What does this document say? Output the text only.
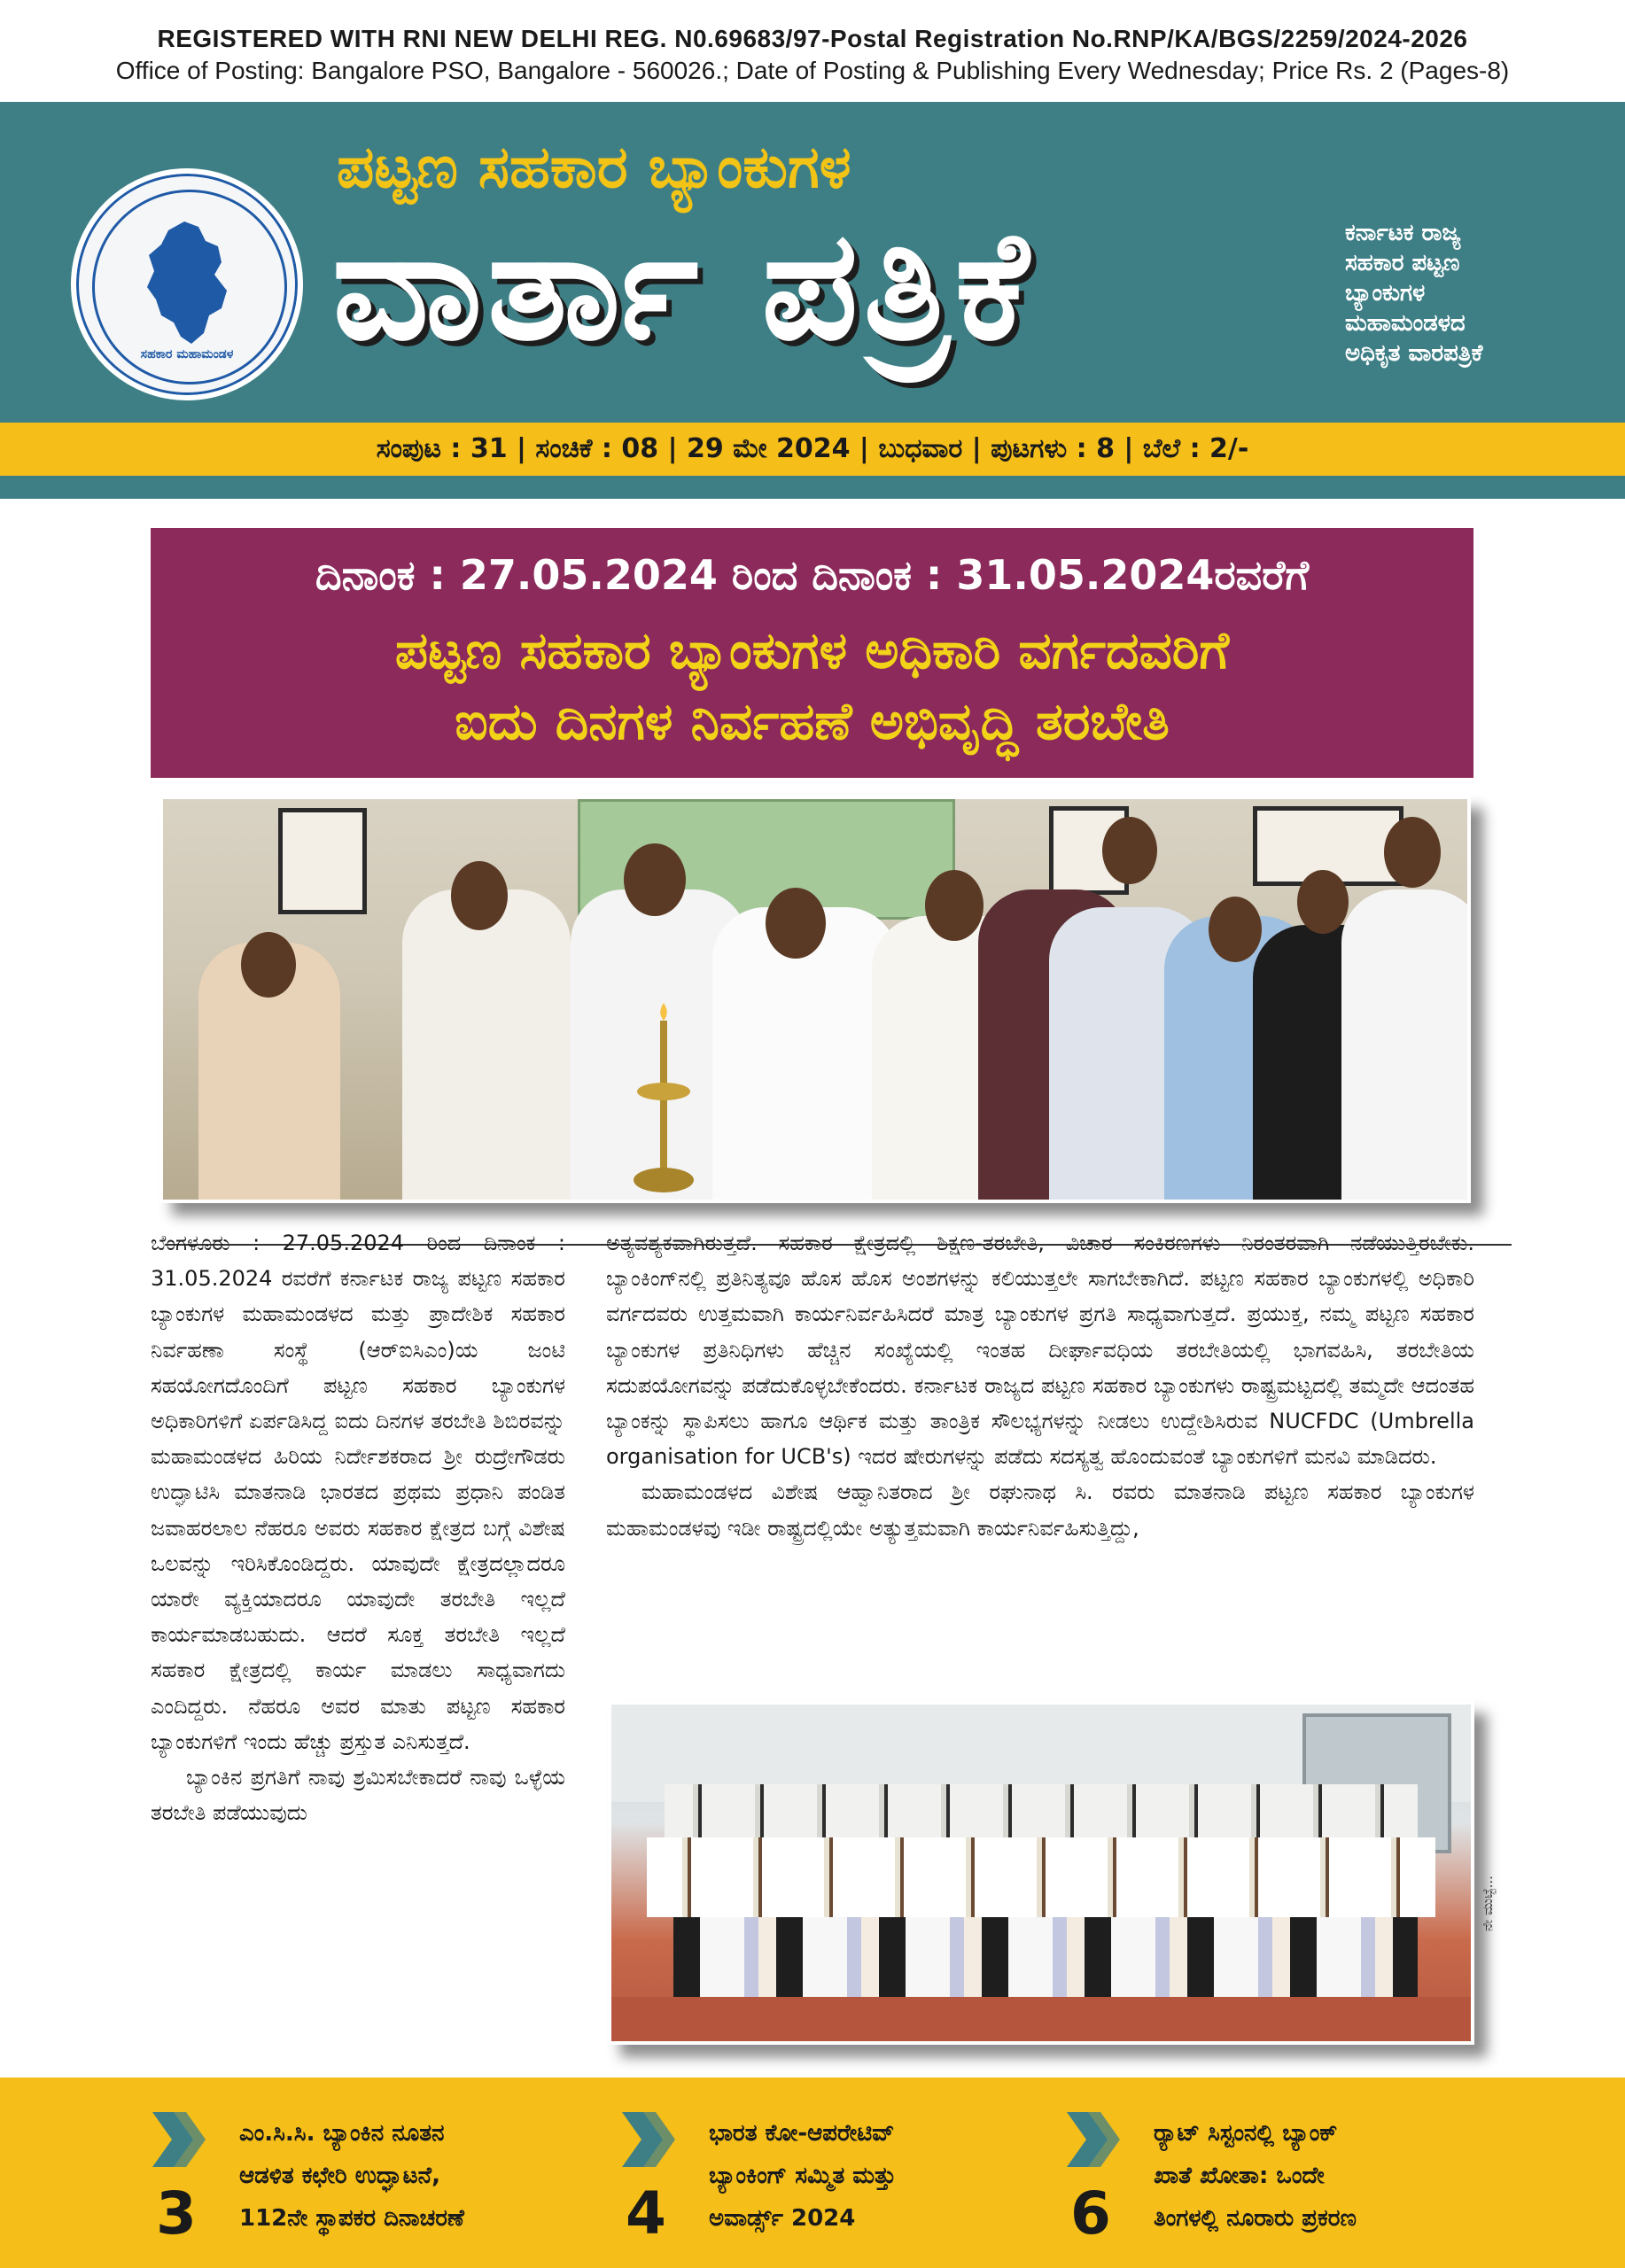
REGISTERED WITH RNI NEW DELHI REG. N0.69683/97-Postal Registration No.RNP/KA/BGS/2259/2024-2026
Office of Posting: Bangalore PSO, Bangalore - 560026.; Date of Posting & Publishing Every Wednesday; Price Rs. 2 (Pages-8)
ಸಹಕಾರ ಮಹಾಮಂಡಳ
ಪಟ್ಟಣ ಸಹಕಾರ ಬ್ಯಾಂಕುಗಳ
ವಾರ್ತಾ ಪತ್ರಿಕೆ	ಕರ್ನಾಟಕ ರಾಜ್ಯ
ಸಹಕಾರ ಪಟ್ಟಣ
ಬ್ಯಾಂಕುಗಳ
ಮಹಾಮಂಡಳದ
ಅಧಿಕೃತ ವಾರಪತ್ರಿಕೆ
ಸಂಪುಟ : 31 | ಸಂಚಿಕೆ : 08 | 29 ಮೇ 2024 | ಬುಧವಾರ | ಪುಟಗಳು : 8 | ಬೆಲೆ : 2/-
ದಿನಾಂಕ : 27.05.2024 ರಿಂದ ದಿನಾಂಕ : 31.05.2024ರವರೆಗೆ
ಪಟ್ಟಣ ಸಹಕಾರ ಬ್ಯಾಂಕುಗಳ ಅಧಿಕಾರಿ ವರ್ಗದವರಿಗೆ
ಐದು ದಿನಗಳ ನಿರ್ವಹಣೆ ಅಭಿವೃದ್ಧಿ ತರಬೇತಿ

ಬೆಂಗಳೂರು : 27.05.2024 ರಿಂದ ದಿನಾಂಕ : 31.05.2024 ರವರೆಗೆ ಕರ್ನಾಟಕ ರಾಜ್ಯ ಪಟ್ಟಣ ಸಹಕಾರ ಬ್ಯಾಂಕುಗಳ ಮಹಾಮಂಡಳದ ಮತ್ತು ಪ್ರಾದೇಶಿಕ ಸಹಕಾರ ನಿರ್ವಹಣಾ ಸಂಸ್ಥೆ (ಆರ್‌ಐಸಿಎಂ)ಯ ಜಂಟಿ ಸಹಯೋಗದೊಂದಿಗೆ ಪಟ್ಟಣ ಸಹಕಾರ ಬ್ಯಾಂಕುಗಳ ಅಧಿಕಾರಿಗಳಿಗೆ ಏರ್ಪಡಿಸಿದ್ದ ಐದು ದಿನಗಳ ತರಬೇತಿ ಶಿಬಿರವನ್ನು ಮಹಾಮಂಡಳದ ಹಿರಿಯ ನಿರ್ದೇಶಕರಾದ ಶ್ರೀ ರುದ್ರೇಗೌಡರು ಉದ್ಘಾಟಿಸಿ ಮಾತನಾಡಿ ಭಾರತದ ಪ್ರಥಮ ಪ್ರಧಾನಿ ಪಂಡಿತ ಜವಾಹರಲಾಲ ನೆಹರೂ ಅವರು ಸಹಕಾರ ಕ್ಷೇತ್ರದ ಬಗ್ಗೆ ವಿಶೇಷ ಒಲವನ್ನು ಇರಿಸಿಕೊಂಡಿದ್ದರು. ಯಾವುದೇ ಕ್ಷೇತ್ರದಲ್ಲಾದರೂ ಯಾರೇ ವ್ಯಕ್ತಿಯಾದರೂ ಯಾವುದೇ ತರಬೇತಿ ಇಲ್ಲದೆ ಕಾರ್ಯಮಾಡಬಹುದು. ಆದರೆ ಸೂಕ್ತ ತರಬೇತಿ ಇಲ್ಲದೆ ಸಹಕಾರ ಕ್ಷೇತ್ರದಲ್ಲಿ ಕಾರ್ಯ ಮಾಡಲು ಸಾಧ್ಯವಾಗದು ಎಂದಿದ್ದರು. ನೆಹರೂ ಅವರ ಮಾತು ಪಟ್ಟಣ ಸಹಕಾರ ಬ್ಯಾಂಕುಗಳಿಗೆ ಇಂದು ಹೆಚ್ಚು ಪ್ರಸ್ತುತ ಎನಿಸುತ್ತದೆ.

ಬ್ಯಾಂಕಿನ ಪ್ರಗತಿಗೆ ನಾವು ಶ್ರಮಿಸಬೇಕಾದರೆ ನಾವು ಒಳ್ಳೆಯ ತರಬೇತಿ ಪಡೆಯುವುದು

ಅತ್ಯವಶ್ಯಕವಾಗಿರುತ್ತದೆ. ಸಹಕಾರ ಕ್ಷೇತ್ರದಲ್ಲಿ ಶಿಕ್ಷಣ-ತರಬೇತಿ, ವಿಚಾರ ಸಂಕಿರಣಗಳು ನಿರಂತರವಾಗಿ ನಡೆಯುತ್ತಿರಬೇಕು. ಬ್ಯಾಂಕಿಂಗ್‌ನಲ್ಲಿ ಪ್ರತಿನಿತ್ಯವೂ ಹೊಸ ಹೊಸ ಅಂಶಗಳನ್ನು ಕಲಿಯುತ್ತಲೇ ಸಾಗಬೇಕಾಗಿದೆ. ಪಟ್ಟಣ ಸಹಕಾರ ಬ್ಯಾಂಕುಗಳಲ್ಲಿ ಅಧಿಕಾರಿ ವರ್ಗದವರು ಉತ್ತಮವಾಗಿ ಕಾರ್ಯನಿರ್ವಹಿಸಿದರೆ ಮಾತ್ರ ಬ್ಯಾಂಕುಗಳ ಪ್ರಗತಿ ಸಾಧ್ಯವಾಗುತ್ತದೆ. ಪ್ರಯುಕ್ತ, ನಮ್ಮ ಪಟ್ಟಣ ಸಹಕಾರ ಬ್ಯಾಂಕುಗಳ ಪ್ರತಿನಿಧಿಗಳು ಹೆಚ್ಚಿನ ಸಂಖ್ಯೆಯಲ್ಲಿ ಇಂತಹ ದೀರ್ಘಾವಧಿಯ ತರಬೇತಿಯಲ್ಲಿ ಭಾಗವಹಿಸಿ, ತರಬೇತಿಯ ಸದುಪಯೋಗವನ್ನು ಪಡೆದುಕೊಳ್ಳಬೇಕೆಂದರು. ಕರ್ನಾಟಕ ರಾಜ್ಯದ ಪಟ್ಟಣ ಸಹಕಾರ ಬ್ಯಾಂಕುಗಳು ರಾಷ್ಟ್ರಮಟ್ಟದಲ್ಲಿ ತಮ್ಮದೇ ಆದಂತಹ ಬ್ಯಾಂಕನ್ನು ಸ್ಥಾಪಿಸಲು ಹಾಗೂ ಆರ್ಥಿಕ ಮತ್ತು ತಾಂತ್ರಿಕ ಸೌಲಭ್ಯಗಳನ್ನು ನೀಡಲು ಉದ್ದೇಶಿಸಿರುವ NUCFDC (Umbrella organisation for UCB's) ಇದರ ಷೇರುಗಳನ್ನು ಪಡೆದು ಸದಸ್ಯತ್ವ ಹೊಂದುವಂತೆ ಬ್ಯಾಂಕುಗಳಿಗೆ ಮನವಿ ಮಾಡಿದರು.

ಮಹಾಮಂಡಳದ ವಿಶೇಷ ಆಹ್ವಾನಿತರಾದ ಶ್ರೀ ರಘುನಾಥ ಸಿ. ರವರು ಮಾತನಾಡಿ ಪಟ್ಟಣ ಸಹಕಾರ ಬ್ಯಾಂಕುಗಳ ಮಹಾಮಂಡಳವು ಇಡೀ ರಾಷ್ಟ್ರದಲ್ಲಿಯೇ ಅತ್ಯುತ್ತಮವಾಗಿ ಕಾರ್ಯನಿರ್ವಹಿಸುತ್ತಿದ್ದು,

ನೇ ಮುಟ್ಟೆ...
3
ಎಂ.ಸಿ.ಸಿ. ಬ್ಯಾಂಕಿನ ನೂತನ
ಆಡಳಿತ ಕಛೇರಿ ಉದ್ಘಾಟನೆ,
112ನೇ ಸ್ಥಾಪಕರ ದಿನಾಚರಣೆ	4
ಭಾರತ ಕೋ-ಆಪರೇಟಿವ್
ಬ್ಯಾಂಕಿಂಗ್ ಸಮ್ಮಿತ ಮತ್ತು
ಅವಾರ್ಡ್ಸ್ 2024	6
ರ್‍ಯಾಟ್ ಸಿಸ್ಟಂನಲ್ಲಿ ಬ್ಯಾಂಕ್
ಖಾತೆ ಖೋತಾ: ಒಂದೇ
ತಿಂಗಳಲ್ಲಿ ನೂರಾರು ಪ್ರಕರಣ
